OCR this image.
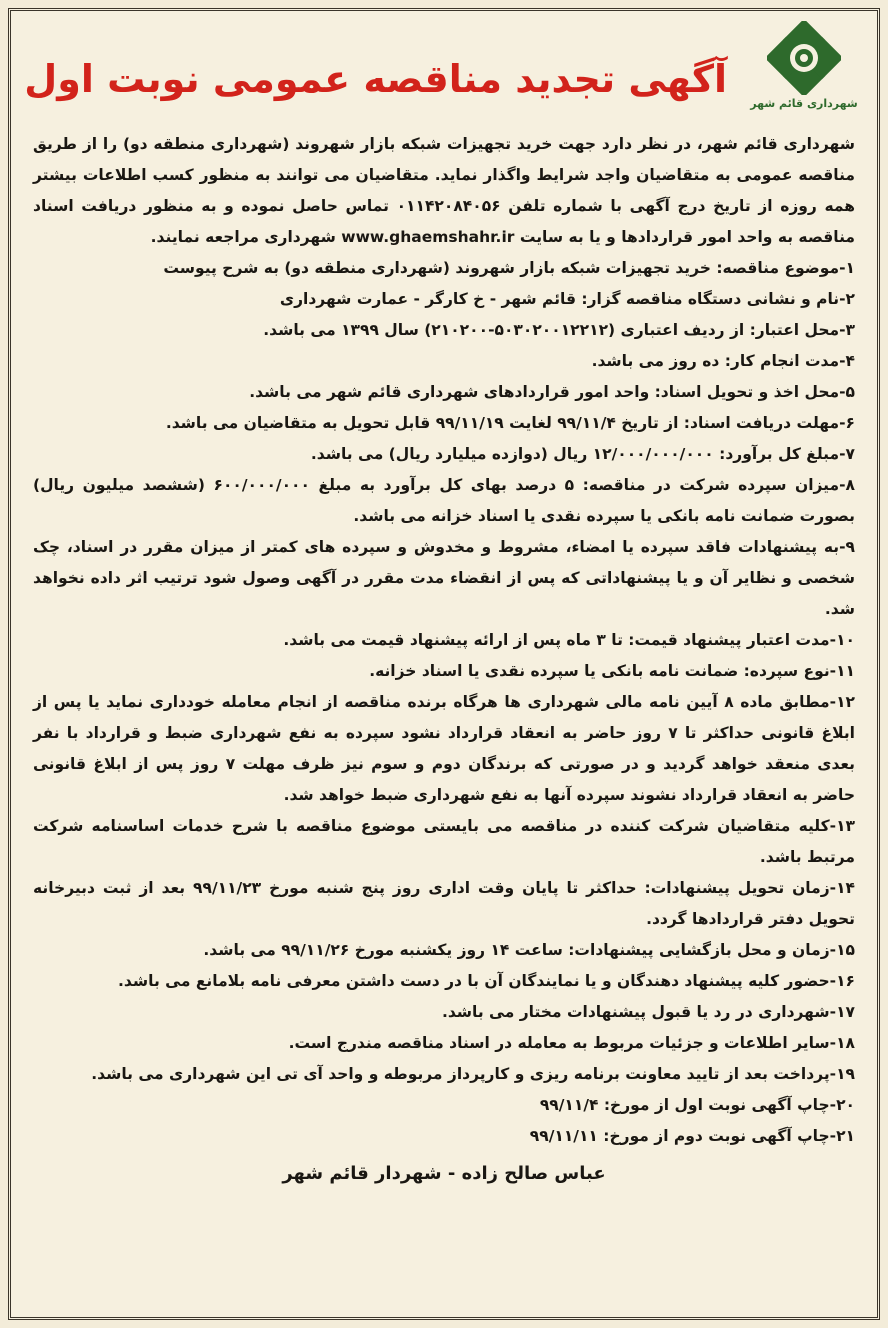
شهرداری قائم شهر
آگهی تجدید مناقصه عمومی نوبت اول

شهرداری قائم شهر، در نظر دارد جهت خرید تجهیزات شبکه بازار شهروند (شهرداری منطقه دو) را از طریق مناقصه عمومی به متقاضیان واجد شرایط واگذار نماید. متقاضیان می توانند به منظور کسب اطلاعات بیشتر همه روزه از تاریخ درج آگهی با شماره تلفن ۰۱۱۴۲۰۸۴۰۵۶ تماس حاصل نموده و به منظور دریافت اسناد مناقصه به واحد امور قراردادها و یا به سایت www.ghaemshahr.ir شهرداری مراجعه نمایند.

۱-موضوع مناقصه: خرید تجهیزات شبکه بازار شهروند (شهرداری منطقه دو) به شرح پیوست

۲-نام و نشانی دستگاه مناقصه گزار: قائم شهر - خ کارگر - عمارت شهرداری

۳-محل اعتبار: از ردیف اعتباری (۵۰۳۰۲۰۰۱۲۲۱۲-۲۱۰۲۰۰) سال ۱۳۹۹ می باشد.

۴-مدت انجام کار: ده روز می باشد.

۵-محل اخذ و تحویل اسناد: واحد امور قراردادهای شهرداری قائم شهر می باشد.

۶-مهلت دریافت اسناد: از تاریخ ۹۹/۱۱/۴ لغایت ۹۹/۱۱/۱۹ قابل تحویل به متقاضیان می باشد.

۷-مبلغ کل برآورد: ۱۲/۰۰۰/۰۰۰/۰۰۰ ریال (دوازده میلیارد ریال) می باشد.

۸-میزان سپرده شرکت در مناقصه: ۵ درصد بهای کل برآورد به مبلغ ۶۰۰/۰۰۰/۰۰۰ (ششصد میلیون ریال) بصورت ضمانت نامه بانکی یا سپرده نقدی یا اسناد خزانه می باشد.

۹-به پیشنهادات فاقد سپرده یا امضاء، مشروط و مخدوش و سپرده های کمتر از میزان مقرر در اسناد، چک شخصی و نظایر آن و یا پیشنهاداتی که پس از انقضاء مدت مقرر در آگهی وصول شود ترتیب اثر داده نخواهد شد.

۱۰-مدت اعتبار پیشنهاد قیمت: تا ۳ ماه پس از ارائه پیشنهاد قیمت می باشد.

۱۱-نوع سپرده: ضمانت نامه بانکی یا سپرده نقدی یا اسناد خزانه.

۱۲-مطابق ماده ۸ آیین نامه مالی شهرداری ها هرگاه برنده مناقصه از انجام معامله خودداری نماید یا پس از ابلاغ قانونی حداکثر تا ۷ روز حاضر به انعقاد قرارداد نشود سپرده به نفع شهرداری ضبط و قرارداد با نفر بعدی منعقد خواهد گردید و در صورتی که برندگان دوم و سوم نیز ظرف مهلت ۷ روز پس از ابلاغ قانونی حاضر به انعقاد قرارداد نشوند سپرده آنها به نفع شهرداری ضبط خواهد شد.

۱۳-کلیه متقاضیان شرکت کننده در مناقصه می بایستی موضوع مناقصه با شرح خدمات اساسنامه شرکت مرتبط باشد.

۱۴-زمان تحویل پیشنهادات: حداکثر تا پایان وقت اداری روز پنج شنبه مورخ ۹۹/۱۱/۲۳ بعد از ثبت دبیرخانه تحویل دفتر قراردادها گردد.

۱۵-زمان و محل بازگشایی پیشنهادات: ساعت ۱۴ روز یکشنبه مورخ ۹۹/۱۱/۲۶ می باشد.

۱۶-حضور کلیه پیشنهاد دهندگان و یا نمایندگان آن با در دست داشتن معرفی نامه بلامانع می باشد.

۱۷-شهرداری در رد یا قبول پیشنهادات مختار می باشد.

۱۸-سایر اطلاعات و جزئیات مربوط به معامله در اسناد مناقصه مندرج است.

۱۹-پرداخت بعد از تایید معاونت برنامه ریزی و کارپرداز مربوطه و واحد آی تی این شهرداری می باشد.

۲۰-چاپ آگهی نوبت اول از مورخ: ۹۹/۱۱/۴

۲۱-چاپ آگهی نوبت دوم از مورخ: ۹۹/۱۱/۱۱

عباس صالح زاده - شهردار قائم شهر
